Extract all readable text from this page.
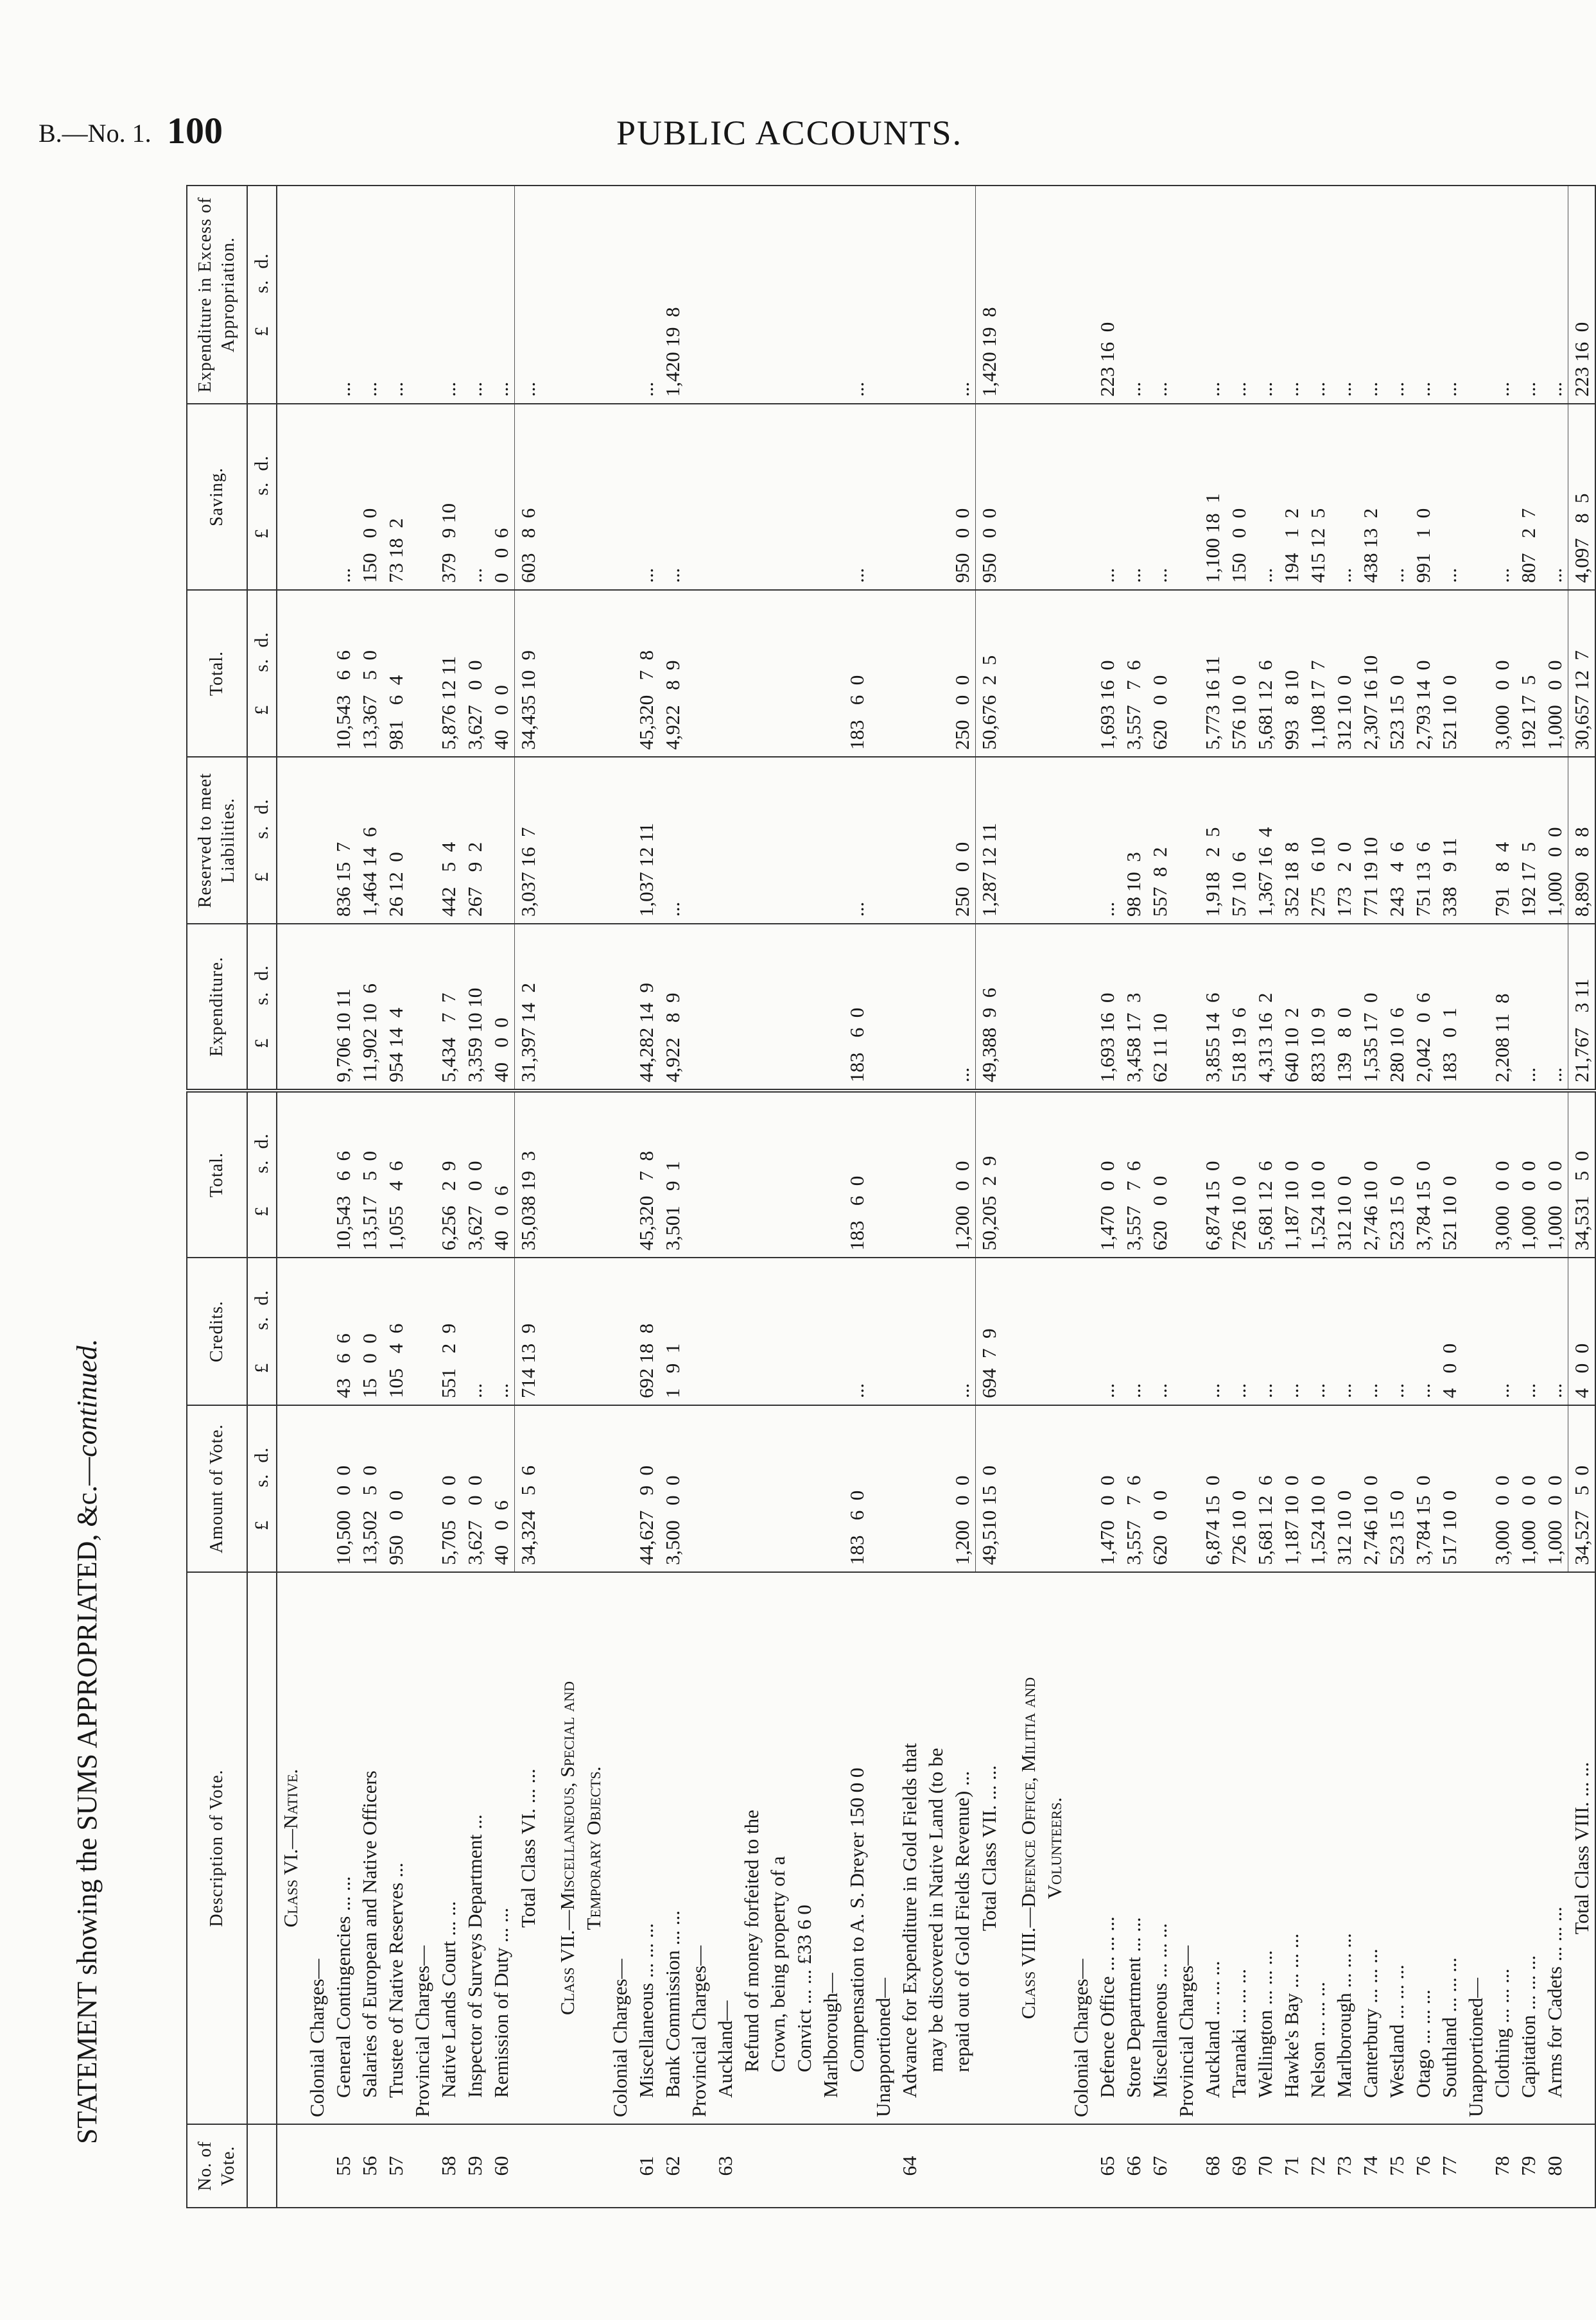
B.—No. 1. 100	PUBLIC ACCOUNTS.
STATEMENT showing the SUMS APPROPRIATED, &c.—continued.
No. of Vote.	Description of Vote.	Amount of Vote.	Credits.	Total.	Expenditure.	Reserved to meet Liabilities.	Total.	Saving.	Expenditure in Excess of Appropriation.
		£      s.  d.	£      s.  d.	£      s.  d.	£      s.  d.	£      s.  d.	£      s.  d.	£      s.  d.	£      s.  d.
	Class VI.—Native.								
	Colonial Charges—								
55	General Contingencies ... ...	10,500   0  0	43   6  6	10,543   6  6	9,706 10 11	836 15  7	10,543   6  6	...	...
56	Salaries of European and Native Officers	13,502   5  0	15   0  0	13,517   5  0	11,902 10  6	1,464 14  6	13,367   5  0	150   0  0	...
57	Trustee of Native Reserves ...	950   0  0	105   4  6	1,055   4  6	954 14  4	26 12  0	981   6  4	73 18  2	...
	Provincial Charges—								
58	Native Lands Court ... ...	5,705   0  0	551   2  9	6,256   2  9	5,434   7  7	442   5  4	5,876 12 11	379   9 10	...
59	Inspector of Surveys Department ...	3,627   0  0	...	3,627   0  0	3,359 10 10	267   9  2	3,627   0  0	...	...
60	Remission of Duty ... ...	40   0  6	...	40   0  6	40   0  0		40   0  0	0   0  6	...
	Total Class VI. ... ...	34,324   5  6	714 13  9	35,038 19  3	31,397 14  2	3,037 16  7	34,435 10  9	603   8  6	...

	Class VII.—Miscellaneous, Special and								
	Temporary Objects.								
	Colonial Charges—								
61	Miscellaneous ... ... ...	44,627   9  0	692 18  8	45,320   7  8	44,282 14  9	1,037 12 11	45,320   7  8	...	...
62	Bank Commission ... ...	3,500   0  0	1   9  1	3,501   9  1	4,922   8  9	...	4,922   8  9	...	1,420 19  8
	Provincial Charges—								
63	Auckland—								
	Refund of money forfeited to the								
	Crown, being property of a								
	Convict ... ... £33 6 0								
	Marlborough—								
	Compensation to A. S. Dreyer 150 0 0	183   6  0	...	183   6  0	183   6  0	...	183   6  0	...	...
	Unapportioned—								
64	Advance for Expenditure in Gold Fields that								
	may be discovered in Native Land (to be								
	repaid out of Gold Fields Revenue) ...	1,200   0  0	...	1,200   0  0	...	250   0  0	250   0  0	950   0  0	...
	Total Class VII. ... ...	49,510 15  0	694  7  9	50,205  2  9	49,388  9  6	1,287 12 11	50,676  2  5	950   0  0	1,420 19  8

	Class VIII.—Defence Office, Militia and								
	Volunteers.								
	Colonial Charges—								
65	Defence Office ... ... ...	1,470   0  0	...	1,470   0  0	1,693 16  0	...	1,693 16  0	...	223 16  0
66	Store Department ... ...	3,557   7  6	...	3,557   7  6	3,458 17  3	98 10  3	3,557   7  6	...	...
67	Miscellaneous ... ... ...	620   0  0	...	620   0  0	62 11 10	557  8  2	620   0  0	...	...
	Provincial Charges—								
68	Auckland ... ... ...	6,874 15  0	...	6,874 15  0	3,855 14  6	1,918   2  5	5,773 16 11	1,100 18  1	...
69	Taranaki ... ... ...	726 10  0	...	726 10  0	518 19  6	57 10  6	576 10  0	150   0  0	...
70	Wellington ... ... ...	5,681 12  6	...	5,681 12  6	4,313 16  2	1,367 16  4	5,681 12  6	...	...
71	Hawke's Bay ... ... ...	1,187 10  0	...	1,187 10  0	640 10  2	352 18  8	993   8 10	194   1  2	...
72	Nelson ... ... ...	1,524 10  0	...	1,524 10  0	833 10  9	275   6 10	1,108 17  7	415 12  5	...
73	Marlborough ... ... ...	312 10  0	...	312 10  0	139   8  0	173   2  0	312 10  0	...	...
74	Canterbury ... ... ...	2,746 10  0	...	2,746 10  0	1,535 17  0	771 19 10	2,307 16 10	438 13  2	...
75	Westland ... ... ...	523 15  0	...	523 15  0	280 10  6	243   4  6	523 15  0	...	...
76	Otago ... ... ...	3,784 15  0	...	3,784 15  0	2,042   0  6	751 13  6	2,793 14  0	991   1  0	...
77	Southland ... ... ...	517 10  0	4   0  0	521 10  0	183   0  1	338   9 11	521 10  0	...	...
	Unapportioned—								
78	Clothing ... ... ...	3,000   0  0	...	3,000   0  0	2,208 11  8	791   8  4	3,000   0  0	...	...
79	Capitation ... ... ...	1,000   0  0	...	1,000   0  0	...	192 17  5	192 17  5	807   2  7	...
80	Arms for Cadets ... ... ...	1,000   0  0	...	1,000   0  0	...	1,000   0  0	1,000   0  0	...	...
	Total Class VIII. ... ...	34,527   5  0	4   0  0	34,531   5  0	21,767   3 11	8,890   8  8	30,657 12  7	4,097   8  5	223 16  0
